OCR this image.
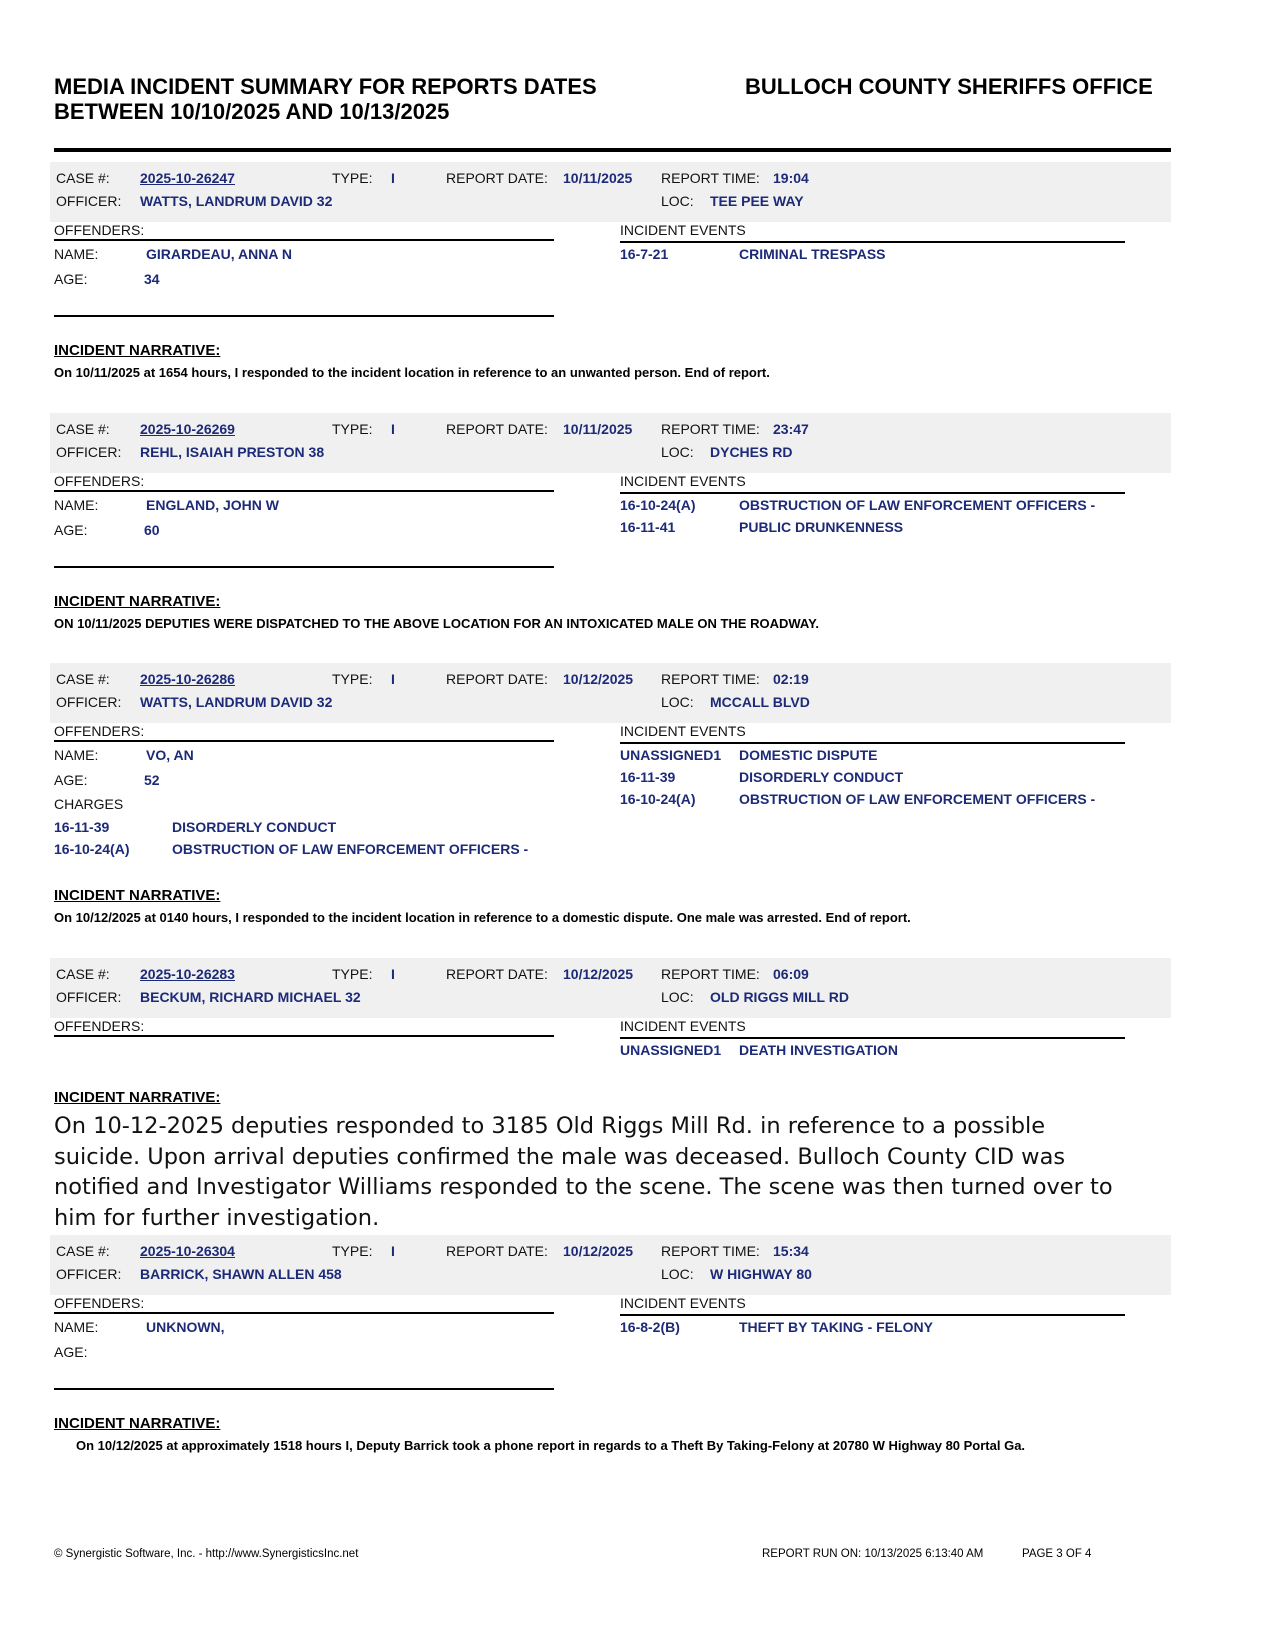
MEDIA INCIDENT SUMMARY FOR REPORTS DATES
BETWEEN 10/10/2025 AND 10/13/2025
BULLOCH COUNTY SHERIFFS OFFICE
CASE #: 2025-10-26247	TYPE: I	REPORT DATE: 10/11/2025 REPORT TIME: 19:04
OFFICER: WATTS, LANDRUM DAVID 32	LOC: TEE PEE WAY
OFFENDERS:	INCIDENT EVENTS
NAME:	GIRARDEAU, ANNA N
AGE:	34
16-7-21	CRIMINAL TRESPASS
INCIDENT NARRATIVE:
On 10/11/2025 at 1654 hours, I responded to the incident location in reference to an unwanted person. End of report.
CASE #: 2025-10-26269	TYPE: I	REPORT DATE: 10/11/2025 REPORT TIME: 23:47
OFFICER: REHL, ISAIAH PRESTON 38	LOC: DYCHES RD
OFFENDERS:	INCIDENT EVENTS
NAME:	ENGLAND, JOHN W
AGE:	60
16-10-24(A)	OBSTRUCTION OF LAW ENFORCEMENT OFFICERS -
16-11-41	PUBLIC DRUNKENNESS
INCIDENT NARRATIVE:
ON 10/11/2025 DEPUTIES WERE DISPATCHED TO THE ABOVE LOCATION FOR AN INTOXICATED MALE ON THE ROADWAY.
CASE #: 2025-10-26286	TYPE: I	REPORT DATE: 10/12/2025 REPORT TIME: 02:19
OFFICER: WATTS, LANDRUM DAVID 32	LOC: MCCALL BLVD
OFFENDERS:	INCIDENT EVENTS
NAME:	VO, AN
AGE:	52
CHARGES
16-11-39	DISORDERLY CONDUCT
16-10-24(A)	OBSTRUCTION OF LAW ENFORCEMENT OFFICERS -
UNASSIGNED1 DOMESTIC DISPUTE
16-11-39	DISORDERLY CONDUCT
16-10-24(A)	OBSTRUCTION OF LAW ENFORCEMENT OFFICERS -
INCIDENT NARRATIVE:
On 10/12/2025 at 0140 hours, I responded to the incident location in reference to a domestic dispute. One male was arrested. End of report.
CASE #: 2025-10-26283	TYPE: I	REPORT DATE: 10/12/2025 REPORT TIME: 06:09
OFFICER: BECKUM, RICHARD MICHAEL 32	LOC: OLD RIGGS MILL RD
OFFENDERS:	INCIDENT EVENTS
UNASSIGNED1 DEATH INVESTIGATION
INCIDENT NARRATIVE:
On 10-12-2025 deputies responded to 3185 Old Riggs Mill Rd. in reference to a possible suicide. Upon arrival deputies confirmed the male was deceased. Bulloch County CID was notified and Investigator Williams responded to the scene. The scene was then turned over to him for further investigation.
CASE #: 2025-10-26304	TYPE: I	REPORT DATE: 10/12/2025 REPORT TIME: 15:34
OFFICER: BARRICK, SHAWN ALLEN 458	LOC: W HIGHWAY 80
OFFENDERS:	INCIDENT EVENTS
NAME:	UNKNOWN,
AGE:
16-8-2(B)	THEFT BY TAKING - FELONY
INCIDENT NARRATIVE:
On 10/12/2025 at approximately 1518 hours I, Deputy Barrick took a phone report in regards to a Theft By Taking-Felony at 20780 W Highway 80 Portal Ga.
© Synergistic Software, Inc. - http://www.SynergisticsInc.net	REPORT RUN ON: 10/13/2025 6:13:40 AM	PAGE 3 OF 4
